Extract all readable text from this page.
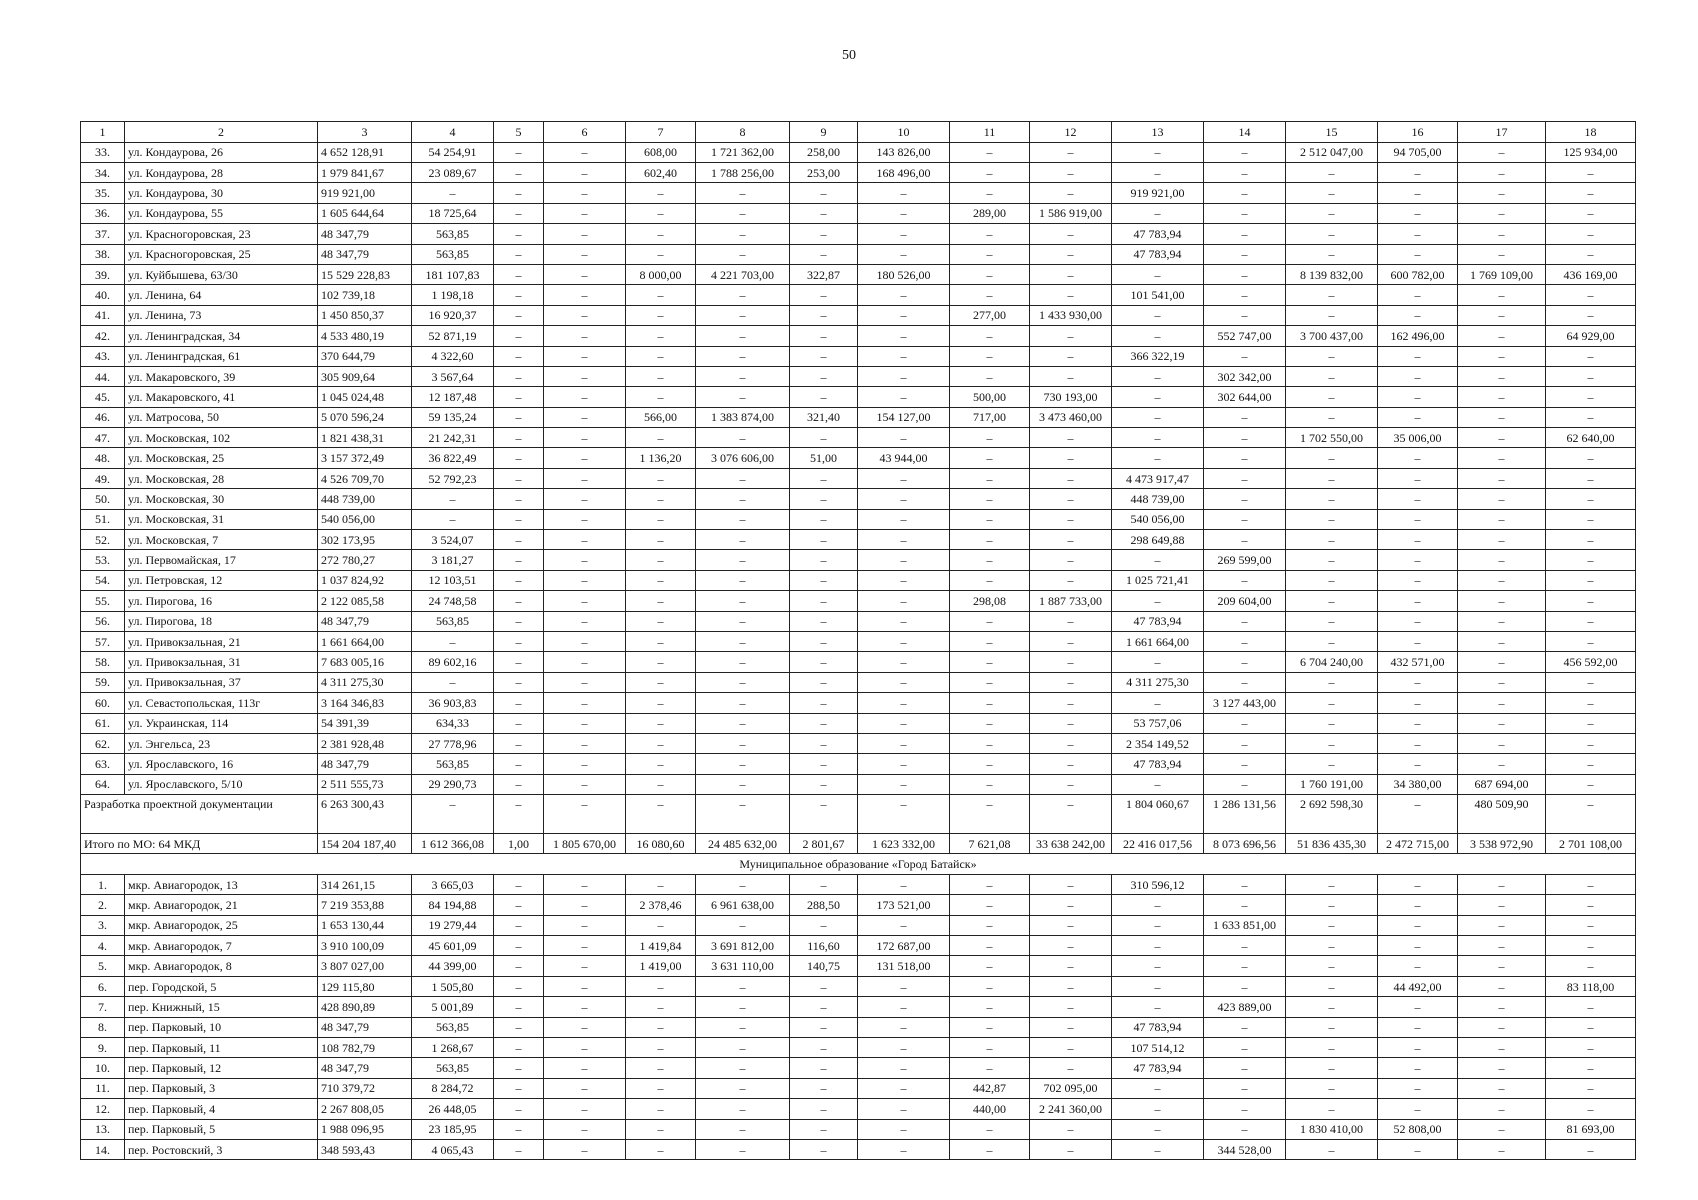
50
1	2	3	4	5	6	7	8	9	10	11	12	13	14	15	16	17	18
33.	ул. Кондаурова, 26	4 652 128,91	54 254,91	–	–	608,00	1 721 362,00	258,00	143 826,00	–	–	–	–	2 512 047,00	94 705,00	–	125 934,00
34.	ул. Кондаурова, 28	1 979 841,67	23 089,67	–	–	602,40	1 788 256,00	253,00	168 496,00	–	–	–	–	–	–	–	–
35.	ул. Кондаурова, 30	919 921,00	–	–	–	–	–	–	–	–	–	919 921,00	–	–	–	–	–
36.	ул. Кондаурова, 55	1 605 644,64	18 725,64	–	–	–	–	–	–	289,00	1 586 919,00	–	–	–	–	–	–
37.	ул. Красногоровская, 23	48 347,79	563,85	–	–	–	–	–	–	–	–	47 783,94	–	–	–	–	–
38.	ул. Красногоровская, 25	48 347,79	563,85	–	–	–	–	–	–	–	–	47 783,94	–	–	–	–	–
39.	ул. Куйбышева, 63/30	15 529 228,83	181 107,83	–	–	8 000,00	4 221 703,00	322,87	180 526,00	–	–	–	–	8 139 832,00	600 782,00	1 769 109,00	436 169,00
40.	ул. Ленина, 64	102 739,18	1 198,18	–	–	–	–	–	–	–	–	101 541,00	–	–	–	–	–
41.	ул. Ленина, 73	1 450 850,37	16 920,37	–	–	–	–	–	–	277,00	1 433 930,00	–	–	–	–	–	–
42.	ул. Ленинградская, 34	4 533 480,19	52 871,19	–	–	–	–	–	–	–	–	–	552 747,00	3 700 437,00	162 496,00	–	64 929,00
43.	ул. Ленинградская, 61	370 644,79	4 322,60	–	–	–	–	–	–	–	–	366 322,19	–	–	–	–	–
44.	ул. Макаровского, 39	305 909,64	3 567,64	–	–	–	–	–	–	–	–	–	302 342,00	–	–	–	–
45.	ул. Макаровского, 41	1 045 024,48	12 187,48	–	–	–	–	–	–	500,00	730 193,00	–	302 644,00	–	–	–	–
46.	ул. Матросова, 50	5 070 596,24	59 135,24	–	–	566,00	1 383 874,00	321,40	154 127,00	717,00	3 473 460,00	–	–	–	–	–	–
47.	ул. Московская, 102	1 821 438,31	21 242,31	–	–	–	–	–	–	–	–	–	–	1 702 550,00	35 006,00	–	62 640,00
48.	ул. Московская, 25	3 157 372,49	36 822,49	–	–	1 136,20	3 076 606,00	51,00	43 944,00	–	–	–	–	–	–	–	–
49.	ул. Московская, 28	4 526 709,70	52 792,23	–	–	–	–	–	–	–	–	4 473 917,47	–	–	–	–	–
50.	ул. Московская, 30	448 739,00	–	–	–	–	–	–	–	–	–	448 739,00	–	–	–	–	–
51.	ул. Московская, 31	540 056,00	–	–	–	–	–	–	–	–	–	540 056,00	–	–	–	–	–
52.	ул. Московская, 7	302 173,95	3 524,07	–	–	–	–	–	–	–	–	298 649,88	–	–	–	–	–
53.	ул. Первомайская, 17	272 780,27	3 181,27	–	–	–	–	–	–	–	–	–	269 599,00	–	–	–	–
54.	ул. Петровская, 12	1 037 824,92	12 103,51	–	–	–	–	–	–	–	–	1 025 721,41	–	–	–	–	–
55.	ул. Пирогова, 16	2 122 085,58	24 748,58	–	–	–	–	–	–	298,08	1 887 733,00	–	209 604,00	–	–	–	–
56.	ул. Пирогова, 18	48 347,79	563,85	–	–	–	–	–	–	–	–	47 783,94	–	–	–	–	–
57.	ул. Привокзальная, 21	1 661 664,00	–	–	–	–	–	–	–	–	–	1 661 664,00	–	–	–	–	–
58.	ул. Привокзальная, 31	7 683 005,16	89 602,16	–	–	–	–	–	–	–	–	–	–	6 704 240,00	432 571,00	–	456 592,00
59.	ул. Привокзальная, 37	4 311 275,30	–	–	–	–	–	–	–	–	–	4 311 275,30	–	–	–	–	–
60.	ул. Севастопольская, 113г	3 164 346,83	36 903,83	–	–	–	–	–	–	–	–	–	3 127 443,00	–	–	–	–
61.	ул. Украинская, 114	54 391,39	634,33	–	–	–	–	–	–	–	–	53 757,06	–	–	–	–	–
62.	ул. Энгельса, 23	2 381 928,48	27 778,96	–	–	–	–	–	–	–	–	2 354 149,52	–	–	–	–	–
63.	ул. Ярославского, 16	48 347,79	563,85	–	–	–	–	–	–	–	–	47 783,94	–	–	–	–	–
64.	ул. Ярославского, 5/10	2 511 555,73	29 290,73	–	–	–	–	–	–	–	–	–	–	1 760 191,00	34 380,00	687 694,00	–
Разработка проектной документации		6 263 300,43	–	–	–	–	–	–	–	–	–	1 804 060,67	1 286 131,56	2 692 598,30	–	480 509,90	–
Итого по МО: 64 МКД		154 204 187,40	1 612 366,08	1,00	1 805 670,00	16 080,60	24 485 632,00	2 801,67	1 623 332,00	7 621,08	33 638 242,00	22 416 017,56	8 073 696,56	51 836 435,30	2 472 715,00	3 538 972,90	2 701 108,00
Муниципальное образование «Город Батайск»																	
1.	мкр. Авиагородок, 13	314 261,15	3 665,03	–	–	–	–	–	–	–	–	310 596,12	–	–	–	–	–
2.	мкр. Авиагородок, 21	7 219 353,88	84 194,88	–	–	2 378,46	6 961 638,00	288,50	173 521,00	–	–	–	–	–	–	–	–
3.	мкр. Авиагородок, 25	1 653 130,44	19 279,44	–	–	–	–	–	–	–	–	–	1 633 851,00	–	–	–	–
4.	мкр. Авиагородок, 7	3 910 100,09	45 601,09	–	–	1 419,84	3 691 812,00	116,60	172 687,00	–	–	–	–	–	–	–	–
5.	мкр. Авиагородок, 8	3 807 027,00	44 399,00	–	–	1 419,00	3 631 110,00	140,75	131 518,00	–	–	–	–	–	–	–	–
6.	пер. Городской, 5	129 115,80	1 505,80	–	–	–	–	–	–	–	–	–	–	–	44 492,00	–	83 118,00
7.	пер. Книжный, 15	428 890,89	5 001,89	–	–	–	–	–	–	–	–	–	423 889,00	–	–	–	–
8.	пер. Парковый, 10	48 347,79	563,85	–	–	–	–	–	–	–	–	47 783,94	–	–	–	–	–
9.	пер. Парковый, 11	108 782,79	1 268,67	–	–	–	–	–	–	–	–	107 514,12	–	–	–	–	–
10.	пер. Парковый, 12	48 347,79	563,85	–	–	–	–	–	–	–	–	47 783,94	–	–	–	–	–
11.	пер. Парковый, 3	710 379,72	8 284,72	–	–	–	–	–	–	442,87	702 095,00	–	–	–	–	–	–
12.	пер. Парковый, 4	2 267 808,05	26 448,05	–	–	–	–	–	–	440,00	2 241 360,00	–	–	–	–	–	–
13.	пер. Парковый, 5	1 988 096,95	23 185,95	–	–	–	–	–	–	–	–	–	–	1 830 410,00	52 808,00	–	81 693,00
14.	пер. Ростовский, 3	348 593,43	4 065,43	–	–	–	–	–	–	–	–	–	344 528,00	–	–	–	–
